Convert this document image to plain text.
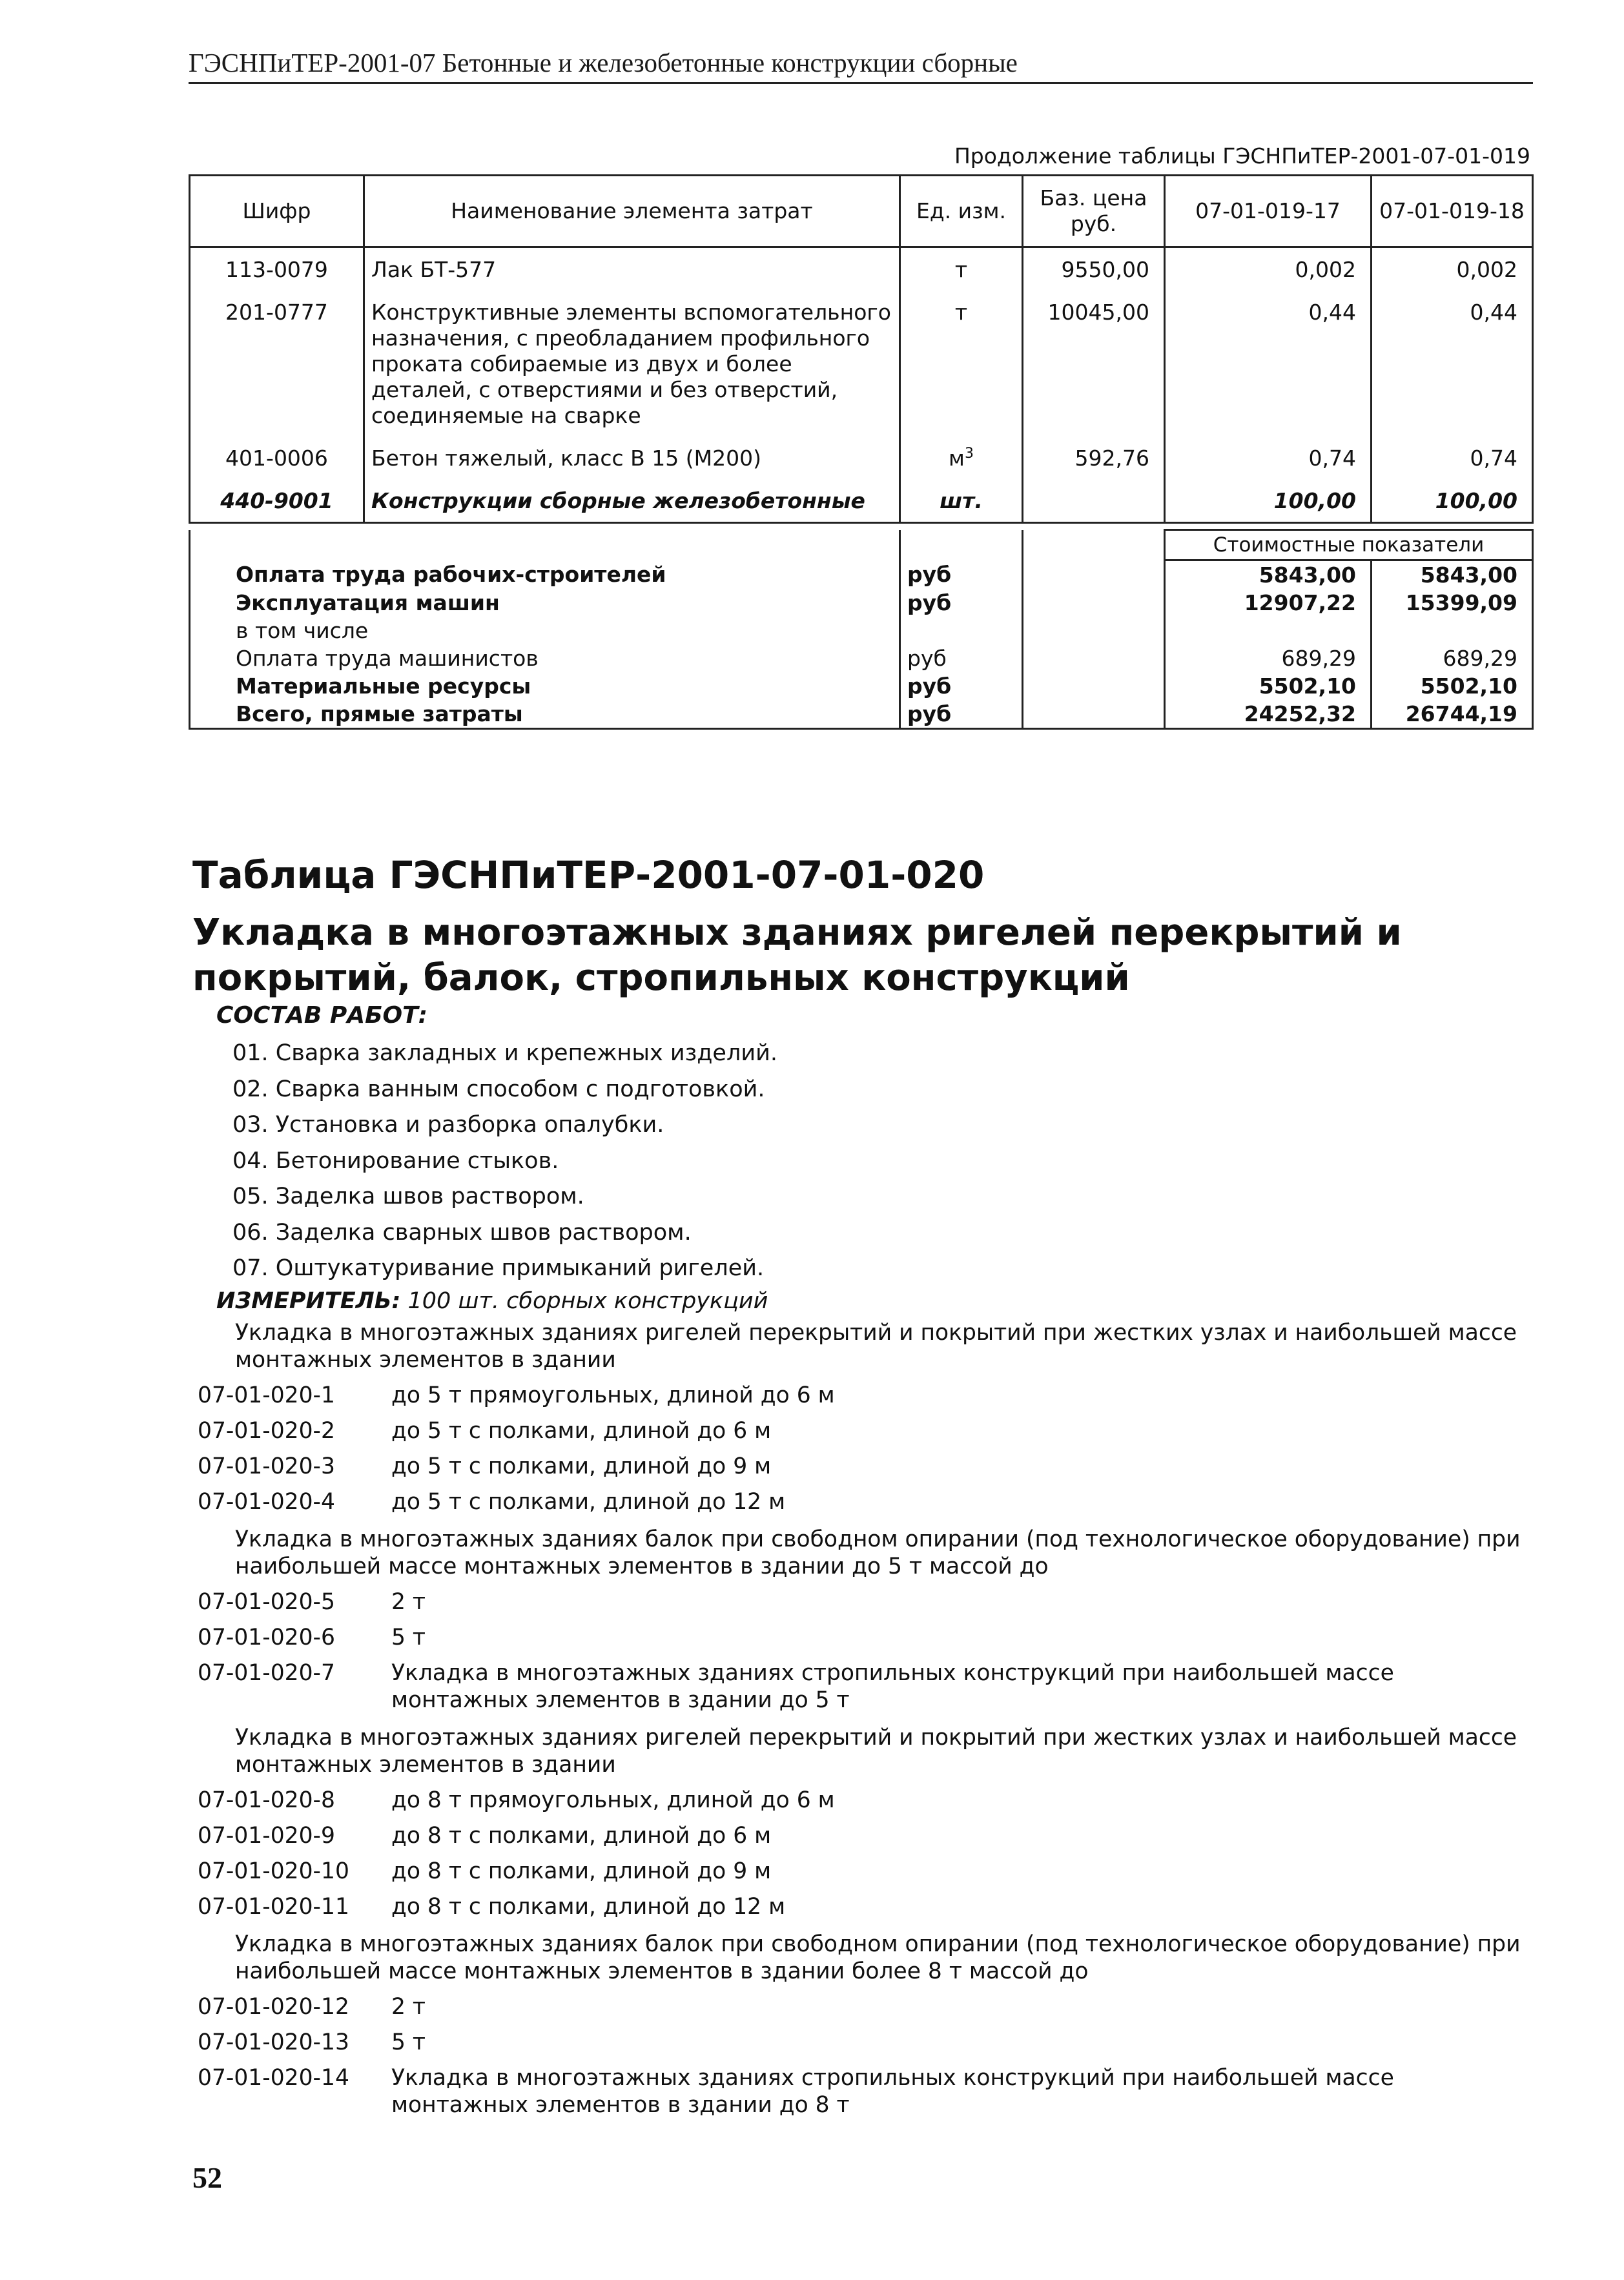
ГЭСНПиТЕР-2001-07 Бетонные и железобетонные конструкции сборные
Продолжение таблицы ГЭСНПиТЕР-2001-07-01-019
Шифр	Наименование элемента затрат	Ед. изм.	Баз. цена руб.	07-01-019-17	07-01-019-18
113-0079	Лак БТ-577	т	9550,00	0,002	0,002
201-0777	Конструктивные элементы вспомогательного назначения, с преобладанием профильного проката собираемые из двух и более деталей, с отверстиями и без отверстий, соединяемые на сварке	т	10045,00	0,44	0,44
401-0006	Бетон тяжелый, класс В 15 (М200)	$м^3$	592,76	0,74	0,74
440-9001	Конструкции сборные железобетонные	шт.		100,00	100,00
			Стоимостные показатели	
Оплата труда рабочих-строителей	руб		5843,00	5843,00
Эксплуатация машин	руб		12907,22	15399,09
в том числе				
Оплата труда машинистов	руб		689,29	689,29
Материальные ресурсы	руб		5502,10	5502,10
Всего, прямые затраты	руб		24252,32	26744,19
Таблица ГЭСНПиТЕР-2001-07-01-020
Укладка в многоэтажных зданиях ригелей перекрытий и покрытий, балок, стропильных конструкций
СОСТАВ РАБОТ:
01. Сварка закладных и крепежных изделий.
02. Сварка ванным способом с подготовкой.
03. Установка и разборка опалубки.
04. Бетонирование стыков.
05. Заделка швов раствором.
06. Заделка сварных швов раствором.
07. Оштукатуривание примыканий ригелей.
ИЗМЕРИТЕЛЬ: 100 шт. сборных конструкций
Укладка в многоэтажных зданиях ригелей перекрытий и покрытий при жестких узлах и наибольшей массе монтажных элементов в здании
07-01-020-1	до 5 т прямоугольных, длиной до 6 м
07-01-020-2	до 5 т с полками, длиной до 6 м
07-01-020-3	до 5 т с полками, длиной до 9 м
07-01-020-4	до 5 т с полками, длиной до 12 м
Укладка в многоэтажных зданиях балок при свободном опирании (под технологическое оборудование) при наибольшей массе монтажных элементов в здании до 5 т массой до
07-01-020-5	2 т
07-01-020-6	5 т
07-01-020-7	Укладка в многоэтажных зданиях стропильных конструкций при наибольшей массе монтажных элементов в здании до 5 т
Укладка в многоэтажных зданиях ригелей перекрытий и покрытий при жестких узлах и наибольшей массе монтажных элементов в здании
07-01-020-8	до 8 т прямоугольных, длиной до 6 м
07-01-020-9	до 8 т с полками, длиной до 6 м
07-01-020-10	до 8 т с полками, длиной до 9 м
07-01-020-11	до 8 т с полками, длиной до 12 м
Укладка в многоэтажных зданиях балок при свободном опирании (под технологическое оборудование) при наибольшей массе монтажных элементов в здании более 8 т массой до
07-01-020-12	2 т
07-01-020-13	5 т
07-01-020-14	Укладка в многоэтажных зданиях стропильных конструкций при наибольшей массе монтажных элементов в здании до 8 т
52
